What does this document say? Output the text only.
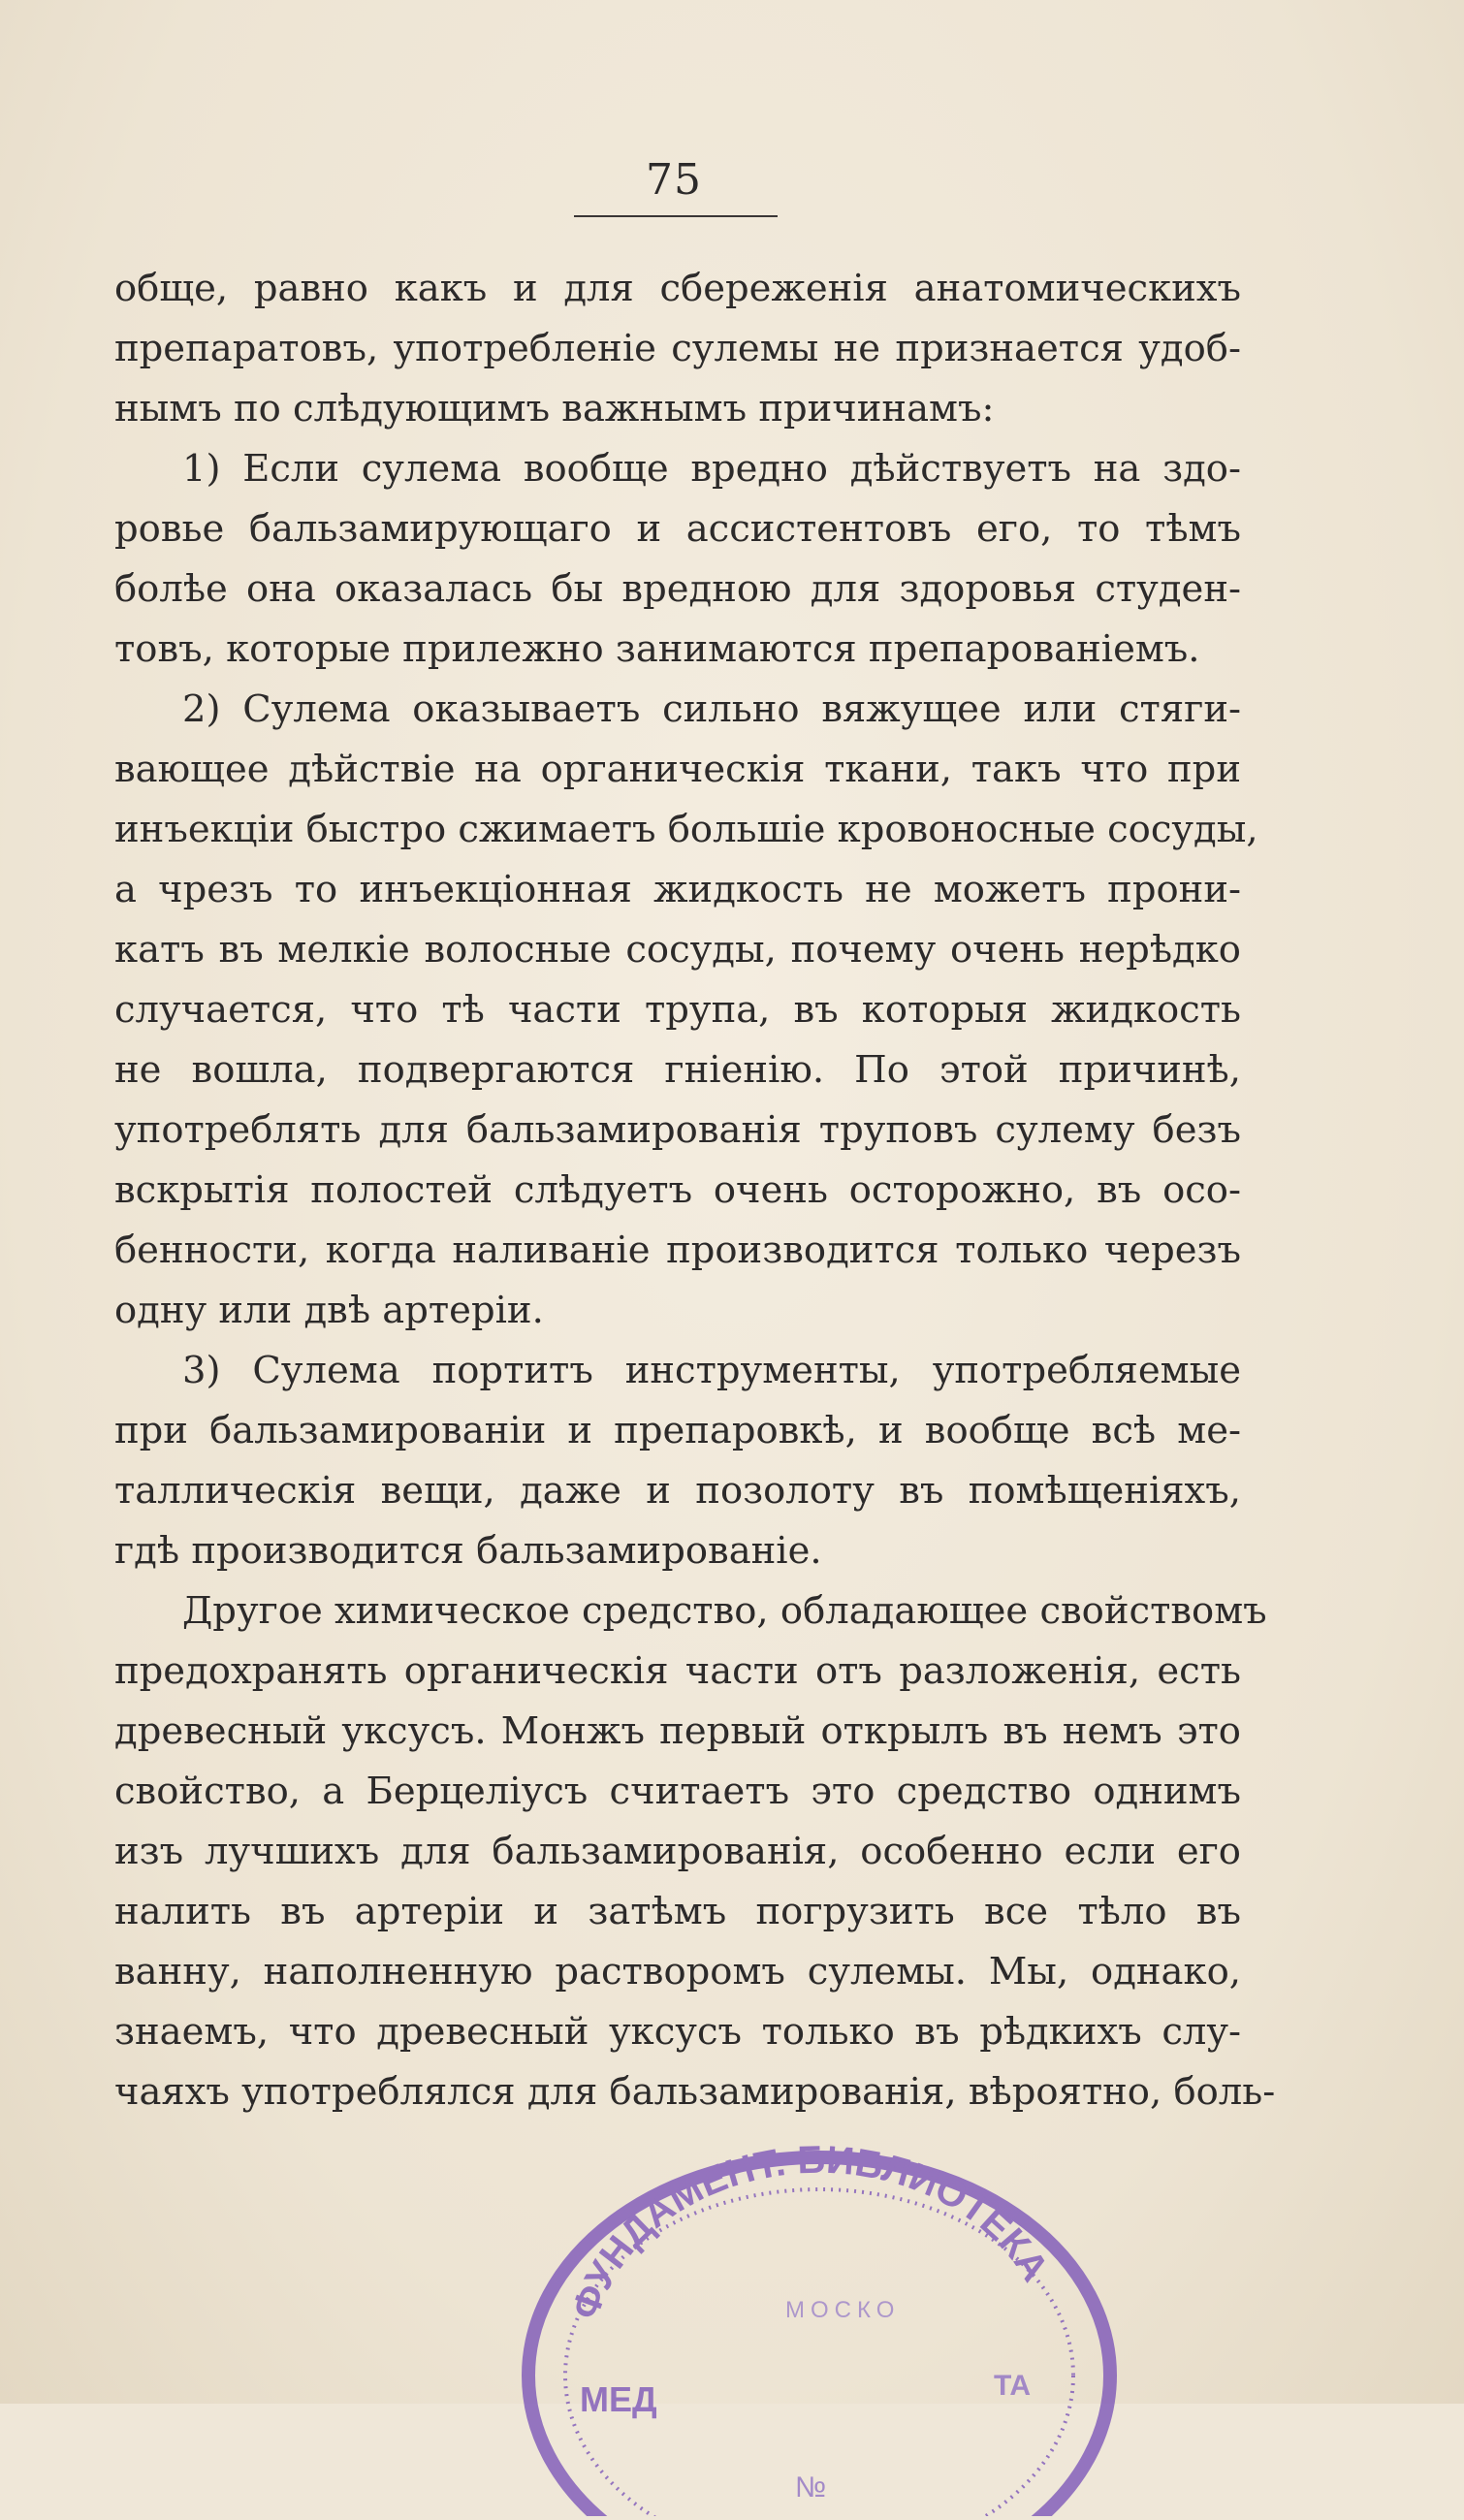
75
обще, равно какъ и для сбереженія анатомическихъ
препаратовъ, употребленіе сулемы не признается удоб-
нымъ по слѣдующимъ важнымъ причинамъ:
1) Если сулема вообще вредно дѣйствуетъ на здо-
ровье бальзамирующаго и ассистентовъ его, то тѣмъ
болѣе она оказалась бы вредною для здоровья студен-
товъ, которые прилежно занимаются препарованіемъ.
2) Сулема оказываетъ сильно вяжущее или стяги-
вающее дѣйствіе на органическія ткани, такъ что при
инъекціи быстро сжимаетъ большіе кровоносные сосуды,
а чрезъ то инъекціонная жидкость не можетъ прони-
катъ въ мелкіе волосные сосуды, почему очень нерѣдко
случается, что тѣ части трупа, въ которыя жидкость
не вошла, подвергаются гніенію. По этой причинѣ,
употреблять для бальзамированія труповъ сулему безъ
вскрытія полостей слѣдуетъ очень осторожно, въ осо-
бенности, когда наливаніе производится только черезъ
одну или двѣ артеріи.
3) Сулема портитъ инструменты, употребляемые
при бальзамированіи и препаровкѣ, и вообще всѣ ме-
таллическія вещи, даже и позолоту въ помѣщеніяхъ,
гдѣ производится бальзамированіе.
Другое химическое средство, обладающее свойствомъ
предохранять органическія части отъ разложенія, есть
древесный уксусъ. Монжъ первый открылъ въ немъ это
свойство, а Берцеліусъ считаетъ это средство однимъ
изъ лучшихъ для бальзамированія, особенно если его
налить въ артеріи и затѣмъ погрузить все тѣло въ
ванну, наполненную растворомъ сулемы. Мы, однако,
знаемъ, что древесный уксусъ только въ рѣдкихъ слу-
чаяхъ употреблялся для бальзамированія, вѣроятно, боль-
ФУНДАМЕНТ. БИБЛИОТЕКА
МОСКО
МЕД	ТА
№
